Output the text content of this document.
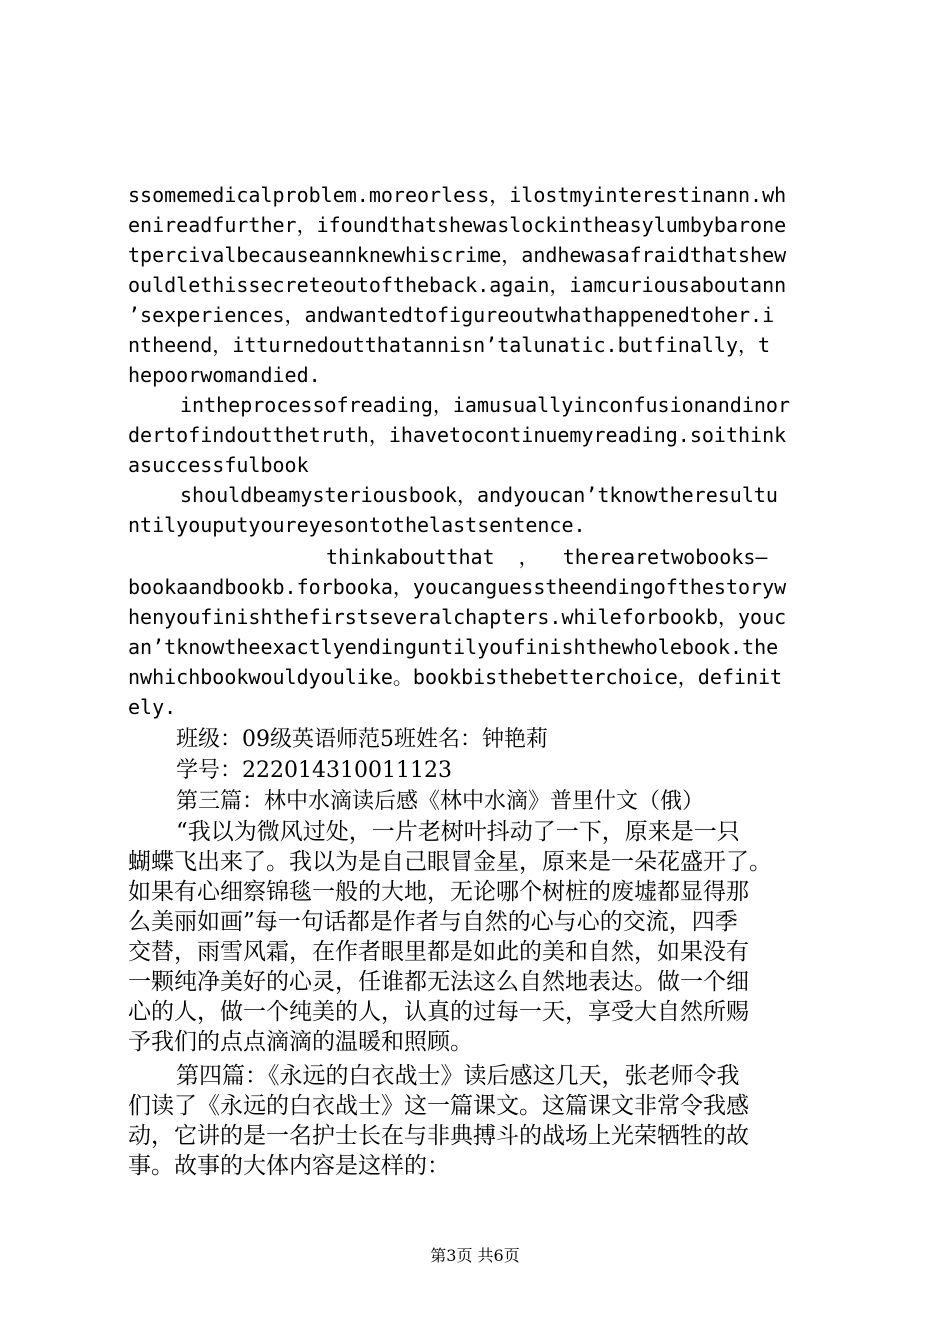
ssomemedicalproblem.moreorless，ilostmyinterestinann.wh
enireadfurther，ifoundthatshewaslockintheasylumbybarone
tpercivalbecauseannknewhiscrime，andhewasafraidthatshew
ouldlethissecreteoutoftheback.again，iamcuriousaboutann
’sexperiences，andwantedtofigureoutwhathappenedtoher.i
ntheend，itturnedoutthatannisn’talunatic.butfinally，t
hepoorwomandied.
intheprocessofreading，iamusuallyinconfusionandinor
dertofindoutthetruth，ihavetocontinuemyreading.soithink
asuccessfulbook
shouldbeamysteriousbook，andyoucan’tknowtheresultu
ntilyouputyoureyesontothelastsentence.
thinkaboutthat  ，  therearetwobooks—
bookaandbookb.forbooka，youcanguesstheendingofthestoryw
henyoufinishthefirstseveralchapters.whileforbookb，youc
an’tknowtheexactlyendinguntilyoufinishthewholebook.the
nwhichbookwouldyoulike。bookbisthebetterchoice，definit
ely.
班级：09级英语师范5班姓名：钟艳莉
学号：222014310011123
第三篇：林中水滴读后感《林中水滴》普里什文（俄）
“我以为微风过处，一片老树叶抖动了一下，原来是一只
蝴蝶飞出来了。我以为是自己眼冒金星，原来是一朵花盛开了。
如果有心细察锦毯一般的大地，无论哪个树桩的废墟都显得那
么美丽如画”每一句话都是作者与自然的心与心的交流，四季
交替，雨雪风霜，在作者眼里都是如此的美和自然，如果没有
一颗纯净美好的心灵，任谁都无法这么自然地表达。做一个细
心的人，做一个纯美的人，认真的过每一天，享受大自然所赐
予我们的点点滴滴的温暖和照顾。
第四篇：《永远的白衣战士》读后感这几天，张老师令我
们读了《永远的白衣战士》这一篇课文。这篇课文非常令我感
动，它讲的是一名护士长在与非典搏斗的战场上光荣牺牲的故
事。故事的大体内容是这样的：
第3页 共6页
